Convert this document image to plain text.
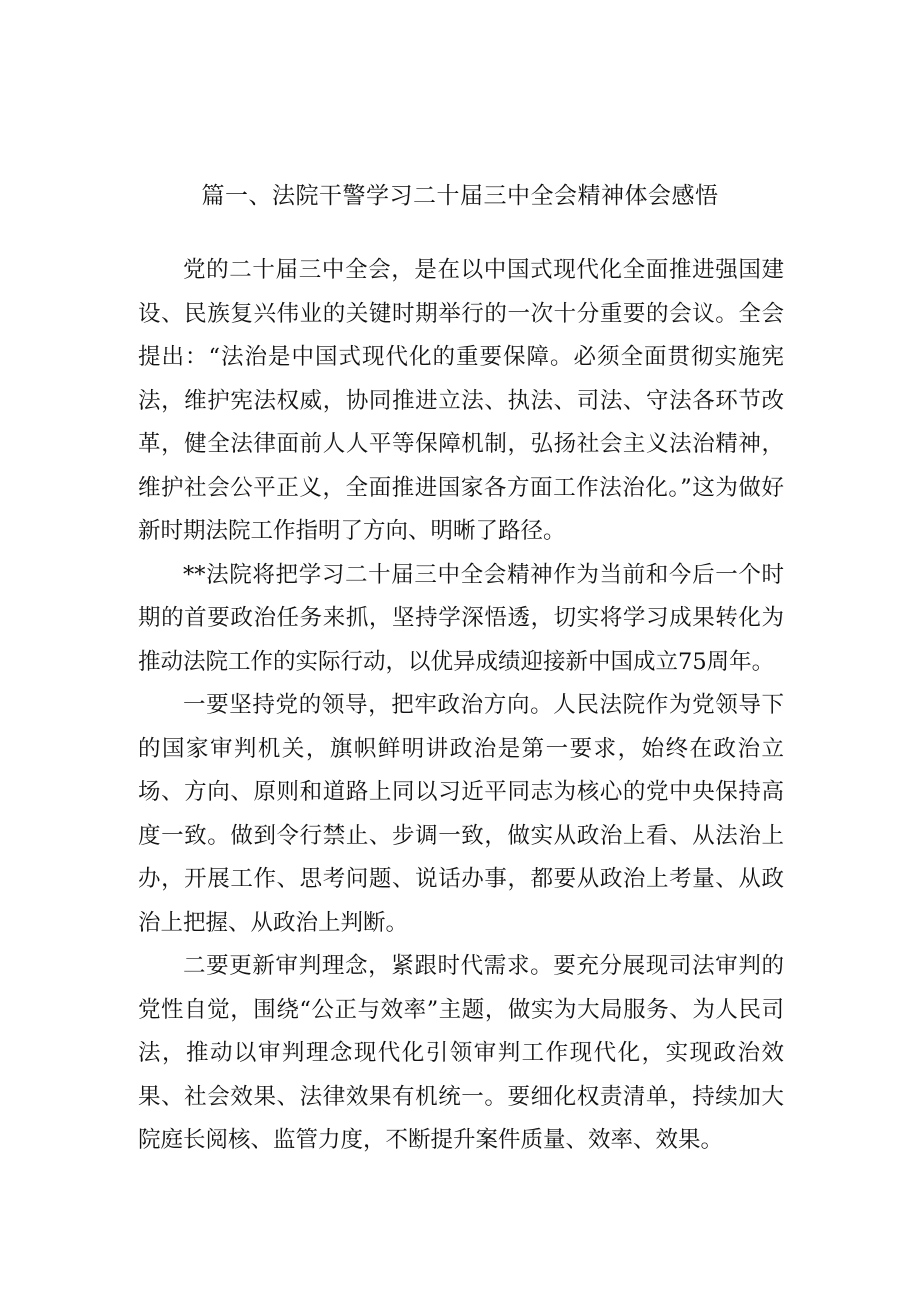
篇一、法院干警学习二十届三中全会精神体会感悟

党的二十届三中全会，是在以中国式现代化全面推进强国建设、民族复兴伟业的关键时期举行的一次十分重要的会议。全会提出：“法治是中国式现代化的重要保障。必须全面贯彻实施宪法，维护宪法权威，协同推进立法、执法、司法、守法各环节改革，健全法律面前人人平等保障机制，弘扬社会主义法治精神，维护社会公平正义，全面推进国家各方面工作法治化。”这为做好新时期法院工作指明了方向、明晰了路径。

**法院将把学习二十届三中全会精神作为当前和今后一个时期的首要政治任务来抓，坚持学深悟透，切实将学习成果转化为推动法院工作的实际行动，以优异成绩迎接新中国成立75周年。

一要坚持党的领导，把牢政治方向。人民法院作为党领导下的国家审判机关，旗帜鲜明讲政治是第一要求，始终在政治立场、方向、原则和道路上同以习近平同志为核心的党中央保持高度一致。做到令行禁止、步调一致，做实从政治上看、从法治上办，开展工作、思考问题、说话办事，都要从政治上考量、从政治上把握、从政治上判断。

二要更新审判理念，紧跟时代需求。要充分展现司法审判的党性自觉，围绕“公正与效率”主题，做实为大局服务、为人民司法，推动以审判理念现代化引领审判工作现代化，实现政治效果、社会效果、法律效果有机统一。要细化权责清单，持续加大院庭长阅核、监管力度，不断提升案件质量、效率、效果。
